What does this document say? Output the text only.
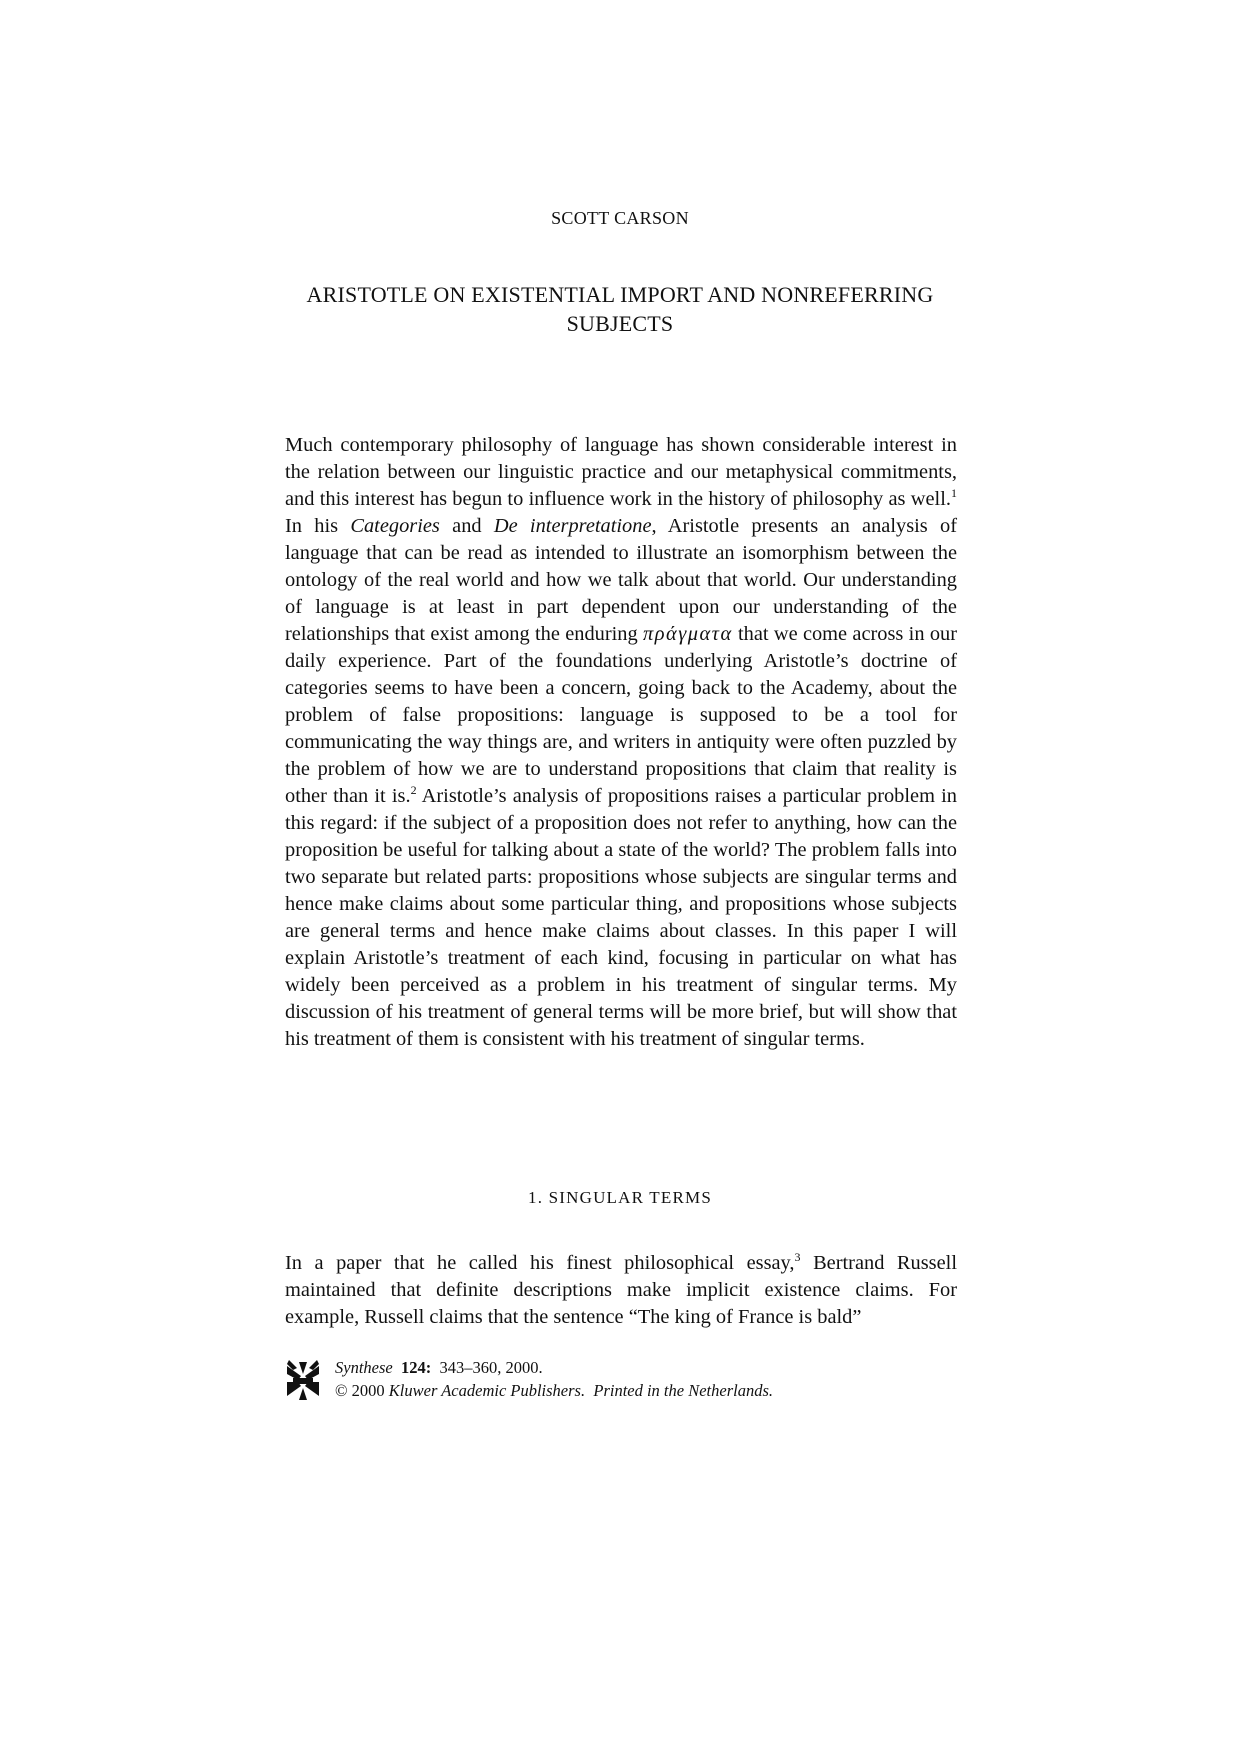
SCOTT CARSON
ARISTOTLE ON EXISTENTIAL IMPORT AND NONREFERRING
SUBJECTS
Much contemporary philosophy of language has shown considerable interest in the relation between our linguistic practice and our metaphysical commitments, and this interest has begun to influence work in the history of philosophy as well.$^1$ In his Categories and De interpretatione, Aristotle presents an analysis of language that can be read as intended to illustrate an isomorphism between the ontology of the real world and how we talk about that world. Our understanding of language is at least in part dependent upon our understanding of the relationships that exist among the enduring πράγματα that we come across in our daily experience. Part of the foundations underlying Aristotle’s doctrine of categories seems to have been a concern, going back to the Academy, about the problem of false propositions: language is supposed to be a tool for communicating the way things are, and writers in antiquity were often puzzled by the problem of how we are to understand propositions that claim that reality is other than it is.$^2$ Aristotle’s analysis of propositions raises a particular problem in this regard: if the subject of a proposition does not refer to anything, how can the proposition be useful for talking about a state of the world? The problem falls into two separate but related parts: propositions whose subjects are singular terms and hence make claims about some particular thing, and propositions whose subjects are general terms and hence make claims about classes. In this paper I will explain Aristotle’s treatment of each kind, focusing in particular on what has widely been perceived as a problem in his treatment of singular terms. My discussion of his treatment of general terms will be more brief, but will show that his treatment of them is consistent with his treatment of singular terms.
1. SINGULAR TERMS
In a paper that he called his finest philosophical essay,$^3$ Bertrand Russell maintained that definite descriptions make implicit existence claims. For example, Russell claims that the sentence “The king of France is bald”
Synthese 124: 343–360, 2000.
© 2000 Kluwer Academic Publishers. Printed in the Netherlands.
